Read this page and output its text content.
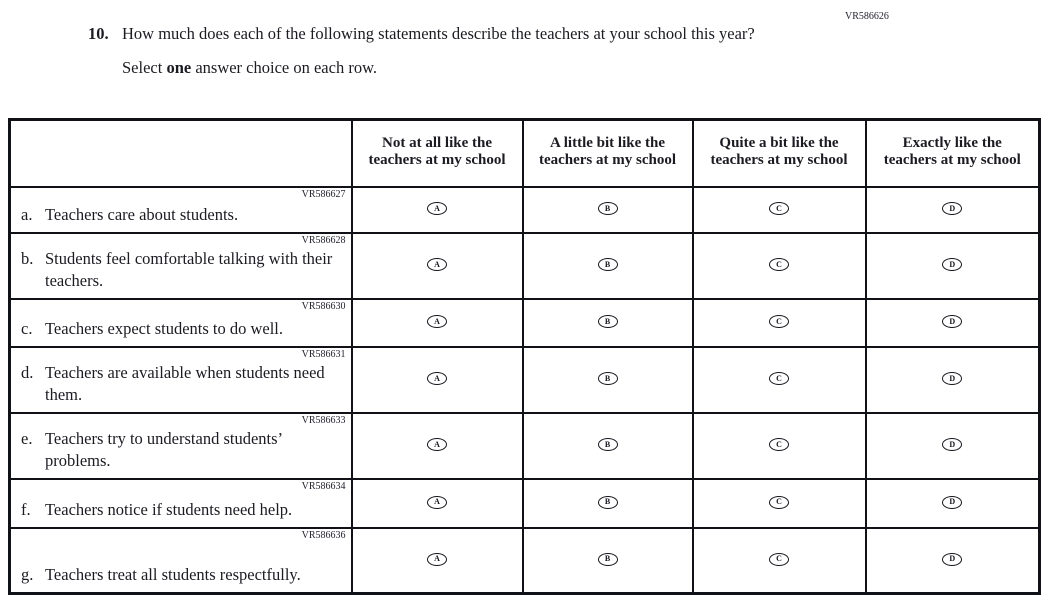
VR586626
10. How much does each of the following statements describe the teachers at your school this year?
Select one answer choice on each row.
	Not at all like the teachers at my school	A little bit like the teachers at my school	Quite a bit like the teachers at my school	Exactly like the teachers at my school

VR586627
a. Teachers care about students.	A	B	C	D

VR586628
b. Students feel comfortable talking with their teachers.	A	B	C	D

VR586630
c. Teachers expect students to do well.	A	B	C	D

VR586631
d. Teachers are available when students need them.	A	B	C	D

VR586633
e. Teachers try to understand students’ problems.	A	B	C	D

VR586634
f. Teachers notice if students need help.	A	B	C	D

VR586636
g. Teachers treat all students respectfully.	A	B	C	D
